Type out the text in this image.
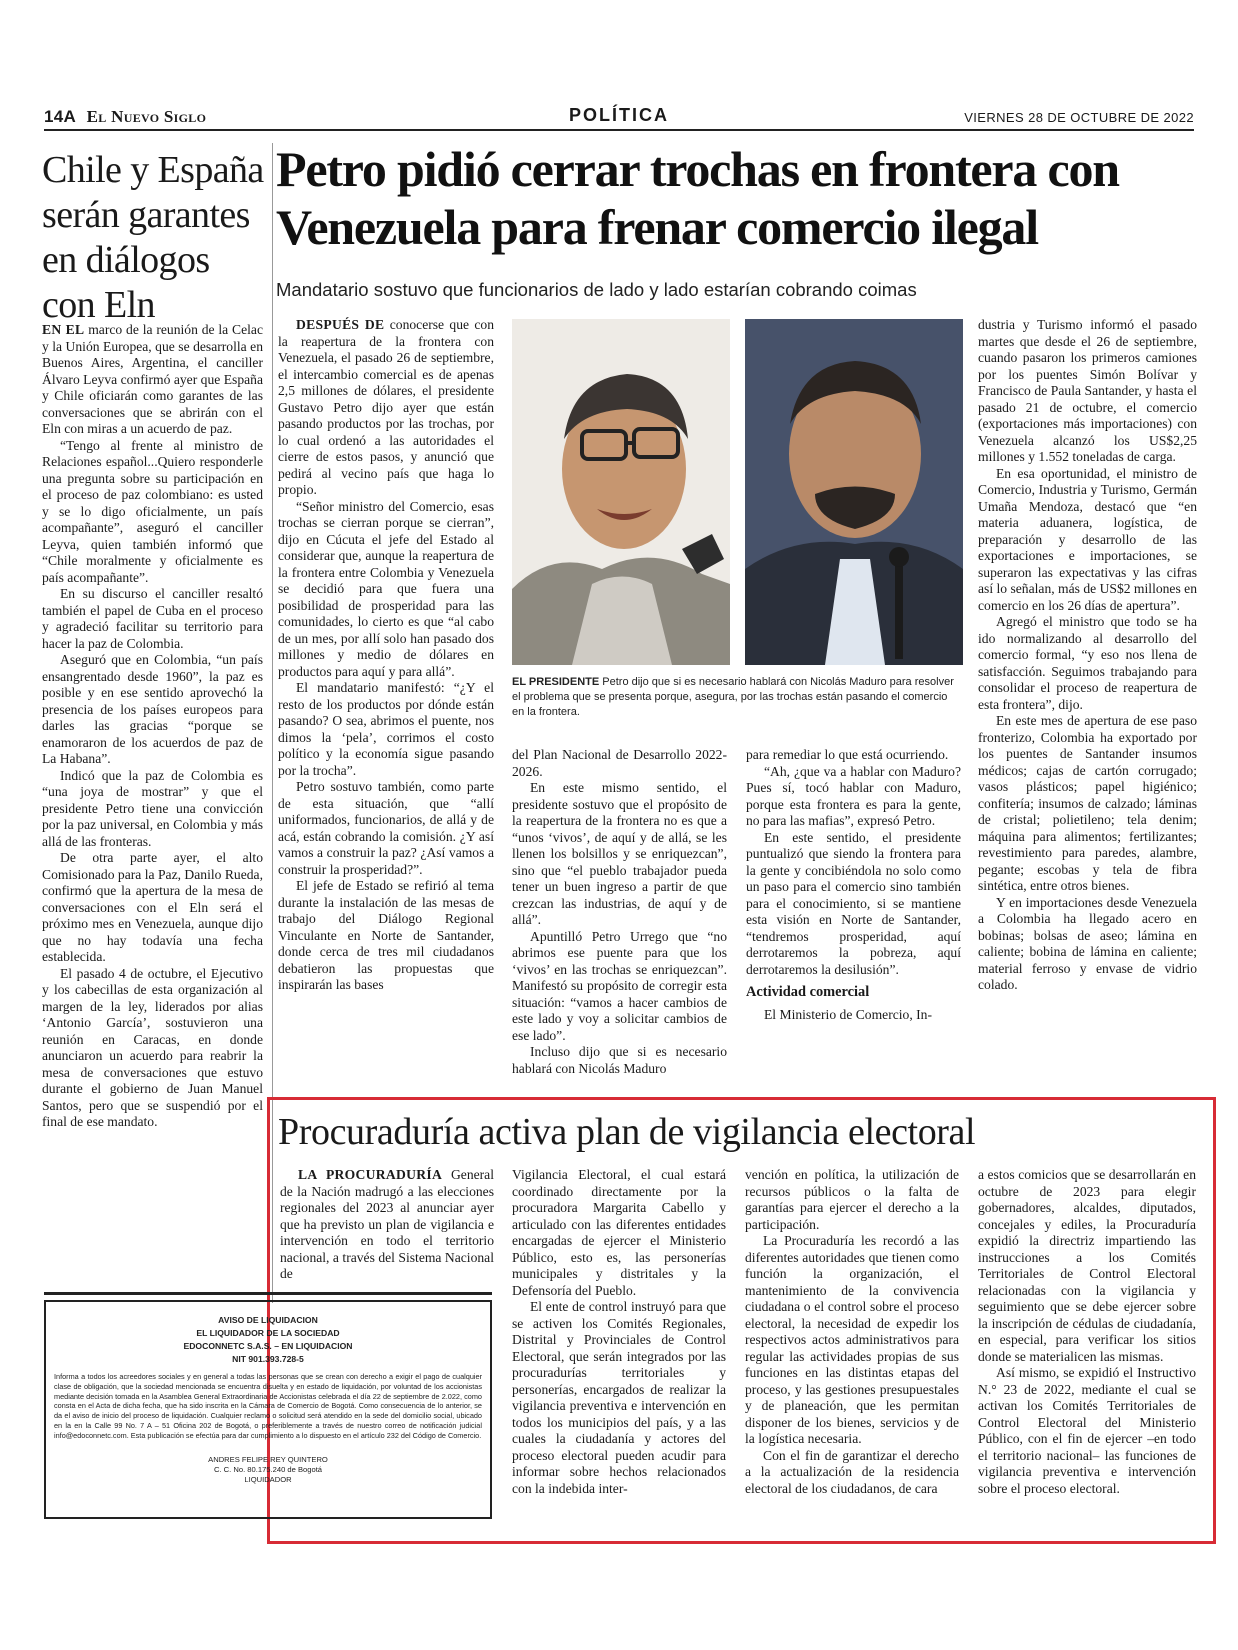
14A El Nuevo Siglo	POLÍTICA	VIERNES 28 DE OCTUBRE DE 2022
Chile y España serán garantes en diálogos con Eln

EN EL marco de la reunión de la Celac y la Unión Europea, que se desarrolla en Buenos Aires, Argentina, el canciller Álvaro Leyva confirmó ayer que España y Chile oficiarán como garantes de las conversaciones que se abrirán con el Eln con miras a un acuerdo de paz.

“Tengo al frente al ministro de Relaciones español...Quiero responderle una pregunta sobre su participación en el proceso de paz colombiano: es usted y se lo digo oficialmente, un país acompañante”, aseguró el canciller Leyva, quien también informó que “Chile moralmente y oficialmente es país acompañante”.

En su discurso el canciller resaltó también el papel de Cuba en el proceso y agradeció facilitar su territorio para hacer la paz de Colombia.

Aseguró que en Colombia, “un país ensangrentado desde 1960”, la paz es posible y en ese sentido aprovechó la presencia de los países europeos para darles las gracias “porque se enamoraron de los acuerdos de paz de La Habana”.

Indicó que la paz de Colombia es “una joya de mostrar” y que el presidente Petro tiene una convicción por la paz universal, en Colombia y más allá de las fronteras.

De otra parte ayer, el alto Comisionado para la Paz, Danilo Rueda, confirmó que la apertura de la mesa de conversaciones con el Eln será el próximo mes en Venezuela, aunque dijo que no hay todavía una fecha establecida.

El pasado 4 de octubre, el Ejecutivo y los cabecillas de esta organización al margen de la ley, liderados por alias ‘Antonio García’, sostuvieron una reunión en Caracas, en donde anunciaron un acuerdo para reabrir la mesa de conversaciones que estuvo durante el gobierno de Juan Manuel Santos, pero que se suspendió por el final de ese mandato.

Petro pidió cerrar trochas en frontera con
Venezuela para frenar comercio ilegal
Mandatario sostuvo que funcionarios de lado y lado estarían cobrando coimas

DESPUÉS DE conocerse que con la reapertura de la frontera con Venezuela, el pasado 26 de septiembre, el intercambio comercial es de apenas 2,5 millones de dólares, el presidente Gustavo Petro dijo ayer que están pasando productos por las trochas, por lo cual ordenó a las autoridades el cierre de estos pasos, y anunció que pedirá al vecino país que haga lo propio.

“Señor ministro del Comercio, esas trochas se cierran porque se cierran”, dijo en Cúcuta el jefe del Estado al considerar que, aunque la reapertura de la frontera entre Colombia y Venezuela se decidió para que fuera una posibilidad de prosperidad para las comunidades, lo cierto es que “al cabo de un mes, por allí solo han pasado dos millones y medio de dólares en productos para aquí y para allá”.

El mandatario manifestó: “¿Y el resto de los productos por dónde están pasando? O sea, abrimos el puente, nos dimos la ‘pela’, corrimos el costo político y la economía sigue pasando por la trocha”.

Petro sostuvo también, como parte de esta situación, que “allí uniformados, funcionarios, de allá y de acá, están cobrando la comisión. ¿Y así vamos a construir la paz? ¿Así vamos a construir la prosperidad?”.

El jefe de Estado se refirió al tema durante la instalación de las mesas de trabajo del Diálogo Regional Vinculante en Norte de Santander, donde cerca de tres mil ciudadanos debatieron las propuestas que inspirarán las bases

EL PRESIDENTE Petro dijo que si es necesario hablará con Nicolás Maduro para resolver el problema que se presenta porque, asegura, por las trochas están pasando el comercio en la frontera.

del Plan Nacional de Desarrollo 2022-2026.

En este mismo sentido, el presidente sostuvo que el propósito de la reapertura de la frontera no es que a “unos ‘vivos’, de aquí y de allá, se les llenen los bolsillos y se enriquezcan”, sino que “el pueblo trabajador pueda tener un buen ingreso a partir de que crezcan las industrias, de aquí y de allá”.

Apuntilló Petro Urrego que “no abrimos ese puente para que los ‘vivos’ en las trochas se enriquezcan”. Manifestó su propósito de corregir esta situación: “vamos a hacer cambios de este lado y voy a solicitar cambios de ese lado”.

Incluso dijo que si es necesario hablará con Nicolás Maduro

para remediar lo que está ocurriendo.

“Ah, ¿que va a hablar con Maduro? Pues sí, tocó hablar con Maduro, porque esta frontera es para la gente, no para las mafias”, expresó Petro.

En este sentido, el presidente puntualizó que siendo la frontera para la gente y concibiéndola no solo como un paso para el comercio sino también para el conocimiento, si se mantiene esta visión en Norte de Santander, “tendremos prosperidad, aquí derrotaremos la pobreza, aquí derrotaremos la desilusión”.

Actividad comercial

El Ministerio de Comercio, In-

dustria y Turismo informó el pasado martes que desde el 26 de septiembre, cuando pasaron los primeros camiones por los puentes Simón Bolívar y Francisco de Paula Santander, y hasta el pasado 21 de octubre, el comercio (exportaciones más importaciones) con Venezuela alcanzó los US$2,25 millones y 1.552 toneladas de carga.

En esa oportunidad, el ministro de Comercio, Industria y Turismo, Germán Umaña Mendoza, destacó que “en materia aduanera, logística, de preparación y desarrollo de las exportaciones e importaciones, se superaron las expectativas y las cifras así lo señalan, más de US$2 millones en comercio en los 26 días de apertura”.

Agregó el ministro que todo se ha ido normalizando al desarrollo del comercio formal, “y eso nos llena de satisfacción. Seguimos trabajando para consolidar el proceso de reapertura de esta frontera”, dijo.

En este mes de apertura de ese paso fronterizo, Colombia ha exportado por los puentes de Santander insumos médicos; cajas de cartón corrugado; vasos plásticos; papel higiénico; confitería; insumos de calzado; láminas de cristal; polietileno; tela denim; máquina para alimentos; fertilizantes; revestimiento para paredes, alambre, pegante; escobas y tela de fibra sintética, entre otros bienes.

Y en importaciones desde Venezuela a Colombia ha llegado acero en bobinas; bolsas de aseo; lámina en caliente; bobina de lámina en caliente; material ferroso y envase de vidrio colado.

Procuraduría activa plan de vigilancia electoral

LA PROCURADURÍA General de la Nación madrugó a las elecciones regionales del 2023 al anunciar ayer que ha previsto un plan de vigilancia e intervención en todo el territorio nacional, a través del Sistema Nacional de

Vigilancia Electoral, el cual estará coordinado directamente por la procuradora Margarita Cabello y articulado con las diferentes entidades encargadas de ejercer el Ministerio Público, esto es, las personerías municipales y distritales y la Defensoría del Pueblo.

El ente de control instruyó para que se activen los Comités Regionales, Distrital y Provinciales de Control Electoral, que serán integrados por las procuradurías territoriales y personerías, encargados de realizar la vigilancia preventiva e intervención en todos los municipios del país, y a las cuales la ciudadanía y actores del proceso electoral pueden acudir para informar sobre hechos relacionados con la indebida inter-

vención en política, la utilización de recursos públicos o la falta de garantías para ejercer el derecho a la participación.

La Procuraduría les recordó a las diferentes autoridades que tienen como función la organización, el mantenimiento de la convivencia ciudadana o el control sobre el proceso electoral, la necesidad de expedir los respectivos actos administrativos para regular las actividades propias de sus funciones en las distintas etapas del proceso, y las gestiones presupuestales y de planeación, que les permitan disponer de los bienes, servicios y de la logística necesaria.

Con el fin de garantizar el derecho a la actualización de la residencia electoral de los ciudadanos, de cara

a estos comicios que se desarrollarán en octubre de 2023 para elegir gobernadores, alcaldes, diputados, concejales y ediles, la Procuraduría expidió la directriz impartiendo las instrucciones a los Comités Territoriales de Control Electoral relacionadas con la vigilancia y seguimiento que se debe ejercer sobre la inscripción de cédulas de ciudadanía, en especial, para verificar los sitios donde se materialicen las mismas.

Así mismo, se expidió el Instructivo N.° 23 de 2022, mediante el cual se activan los Comités Territoriales de Control Electoral del Ministerio Público, con el fin de ejercer –en todo el territorio nacional– las funciones de vigilancia preventiva e intervención sobre el proceso electoral.

AVISO DE LIQUIDACION
EL LIQUIDADOR DE LA SOCIEDAD
EDOCONNETC S.A.S. – EN LIQUIDACION
NIT 901.393.728-5
Informa a todos los acreedores sociales y en general a todas las personas que se crean con derecho a exigir el pago de cualquier clase de obligación, que la sociedad mencionada se encuentra disuelta y en estado de liquidación, por voluntad de los accionistas mediante decisión tomada en la Asamblea General Extraordinaria de Accionistas celebrada el día 22 de septiembre de 2.022, como consta en el Acta de dicha fecha, que ha sido inscrita en la Cámara de Comercio de Bogotá. Como consecuencia de lo anterior, se da el aviso de inicio del proceso de liquidación. Cualquier reclamo o solicitud será atendido en la sede del domicilio social, ubicado en la en la Calle 99 No. 7 A – 51 Oficina 202 de Bogotá, o preferiblemente a través de nuestro correo de notificación judicial info@edoconnetc.com. Esta publicación se efectúa para dar cumplimiento a lo dispuesto en el artículo 232 del Código de Comercio.
ANDRES FELIPE REY QUINTERO
C. C. No. 80.175.240 de Bogotá
LIQUIDADOR
